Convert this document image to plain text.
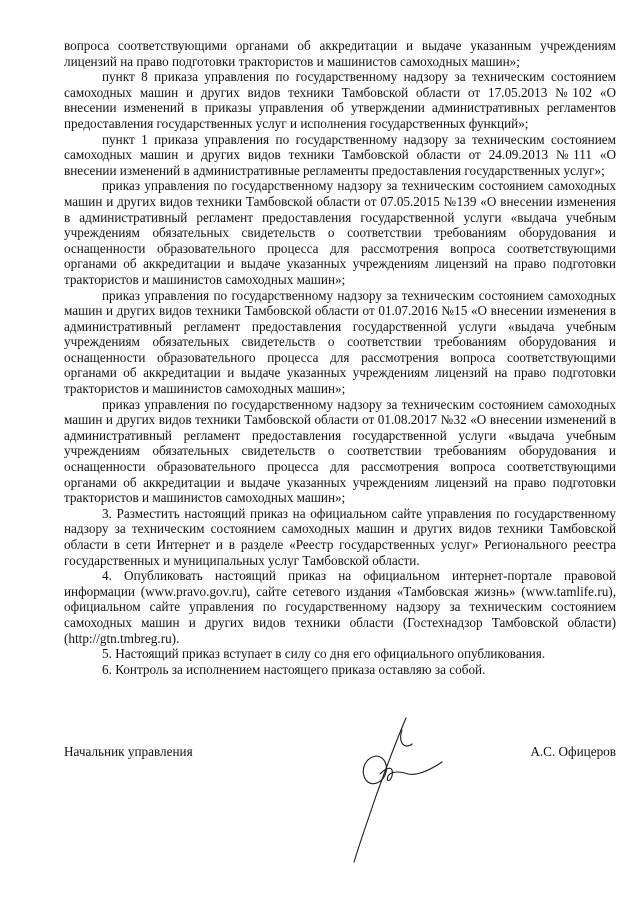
вопроса соответствующими органами об аккредитации и выдаче указанным учреждениям лицензий на право подготовки трактористов и машинистов самоходных машин»;

пункт 8 приказа управления по государственному надзору за техническим состоянием самоходных машин и других видов техники Тамбовской области от 17.05.2013 №102 «О внесении изменений в приказы управления об утверждении административных регламентов предоставления государственных услуг и исполнения государственных функций»;

пункт 1 приказа управления по государственному надзору за техническим состоянием самоходных машин и других видов техники Тамбовской области от 24.09.2013 №111 «О внесении изменений в административные регламенты предоставления государственных услуг»;

приказ управления по государственному надзору за техническим состоянием самоходных машин и других видов техники Тамбовской области от 07.05.2015 №139 «О внесении изменения в административный регламент предоставления государственной услуги «выдача учебным учреждениям обязательных свидетельств о соответствии требованиям оборудования и оснащенности образовательного процесса для рассмотрения вопроса соответствующими органами об аккредитации и выдаче указанных учреждениям лицензий на право подготовки трактористов и машинистов самоходных машин»;

приказ управления по государственному надзору за техническим состоянием самоходных машин и других видов техники Тамбовской области от 01.07.2016 №15 «О внесении изменения в административный регламент предоставления государственной услуги «выдача учебным учреждениям обязательных свидетельств о соответствии требованиям оборудования и оснащенности образовательного процесса для рассмотрения вопроса соответствующими органами об аккредитации и выдаче указанных учреждениям лицензий на право подготовки трактористов и машинистов самоходных машин»;

приказ управления по государственному надзору за техническим состоянием самоходных машин и других видов техники Тамбовской области от 01.08.2017 №32 «О внесении изменений в административный регламент предоставления государственной услуги «выдача учебным учреждениям обязательных свидетельств о соответствии требованиям оборудования и оснащенности образовательного процесса для рассмотрения вопроса соответствующими органами об аккредитации и выдаче указанных учреждениям лицензий на право подготовки трактористов и машинистов самоходных машин»;

3. Разместить настоящий приказ на официальном сайте управления по государственному надзору за техническим состоянием самоходных машин и других видов техники Тамбовской области в сети Интернет и в разделе «Реестр государственных услуг» Регионального реестра государственных и муниципальных услуг Тамбовской области.

4. Опубликовать настоящий приказ на официальном интернет-портале правовой информации (www.pravo.gov.ru), сайте сетевого издания «Тамбовская жизнь» (www.tamlife.ru), официальном сайте управления по государственному надзору за техническим состоянием самоходных машин и других видов техники области (Гостехнадзор Тамбовской области) (http://gtn.tmbreg.ru).

5. Настоящий приказ вступает в силу со дня его официального опубликования.

6. Контроль за исполнением настоящего приказа оставляю за собой.

Начальник управления	А.С. Офицеров
